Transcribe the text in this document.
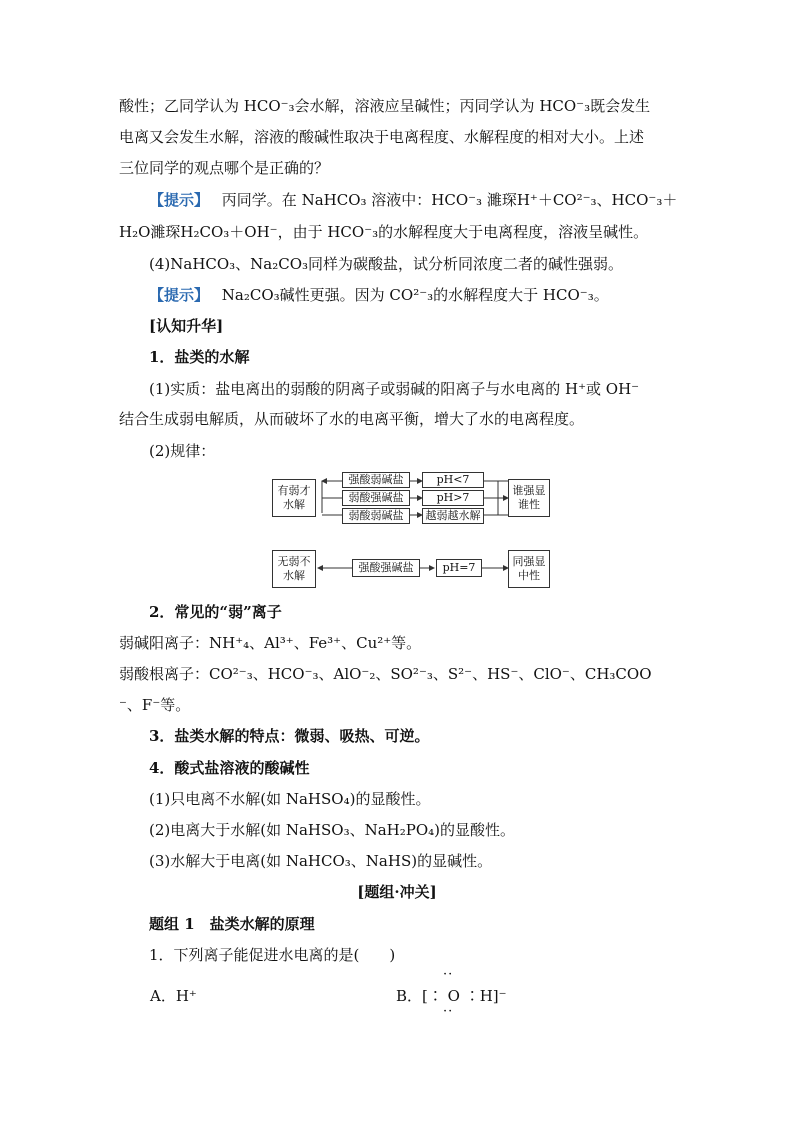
酸性；乙同学认为 HCO⁻₃会水解，溶液应呈碱性；丙同学认为 HCO⁻₃既会发生
电离又会发生水解，溶液的酸碱性取决于电离程度、水解程度的相对大小。上述
三位同学的观点哪个是正确的？
【提示】 丙同学。在 NaHCO₃ 溶液中：HCO⁻₃ 濉琛H⁺＋CO²⁻₃、HCO⁻₃＋
H₂O濉琛H₂CO₃＋OH⁻，由于 HCO⁻₃的水解程度大于电离程度，溶液呈碱性。
(4)NaHCO₃、Na₂CO₃同样为碳酸盐，试分析同浓度二者的碱性强弱。
【提示】 Na₂CO₃碱性更强。因为 CO²⁻₃的水解程度大于 HCO⁻₃。
[认知升华]
1．盐类的水解
(1)实质：盐电离出的弱酸的阴离子或弱碱的阳离子与水电离的 H⁺或 OH⁻
结合生成弱电解质，从而破坏了水的电离平衡，增大了水的电离程度。
(2)规律：
有弱才水解
强酸弱碱盐
弱酸强碱盐
弱酸弱碱盐
pH<7
pH>7
越弱越水解
谁强显谁性
无弱不水解
强酸强碱盐	pH=7	同强显中性
2．常见的“弱”离子
弱碱阳离子：NH⁺₄、Al³⁺、Fe³⁺、Cu²⁺等。
弱酸根离子：CO²⁻₃、HCO⁻₃、AlO⁻₂、SO²⁻₃、S²⁻、HS⁻、ClO⁻、CH₃COO
⁻、F⁻等。
3．盐类水解的特点：微弱、吸热、可逆。
4．酸式盐溶液的酸碱性
(1)只电离不水解(如 NaHSO₄)的显酸性。
(2)电离大于水解(如 NaHSO₃、NaH₂PO₄)的显酸性。
(3)水解大于电离(如 NaHCO₃、NaHS)的显碱性。
[题组·冲关]
题组 1　盐类水解的原理
1．下列离子能促进水电离的是(　　)
··
A．H⁺	B．[∶ O ∶H]⁻
··
